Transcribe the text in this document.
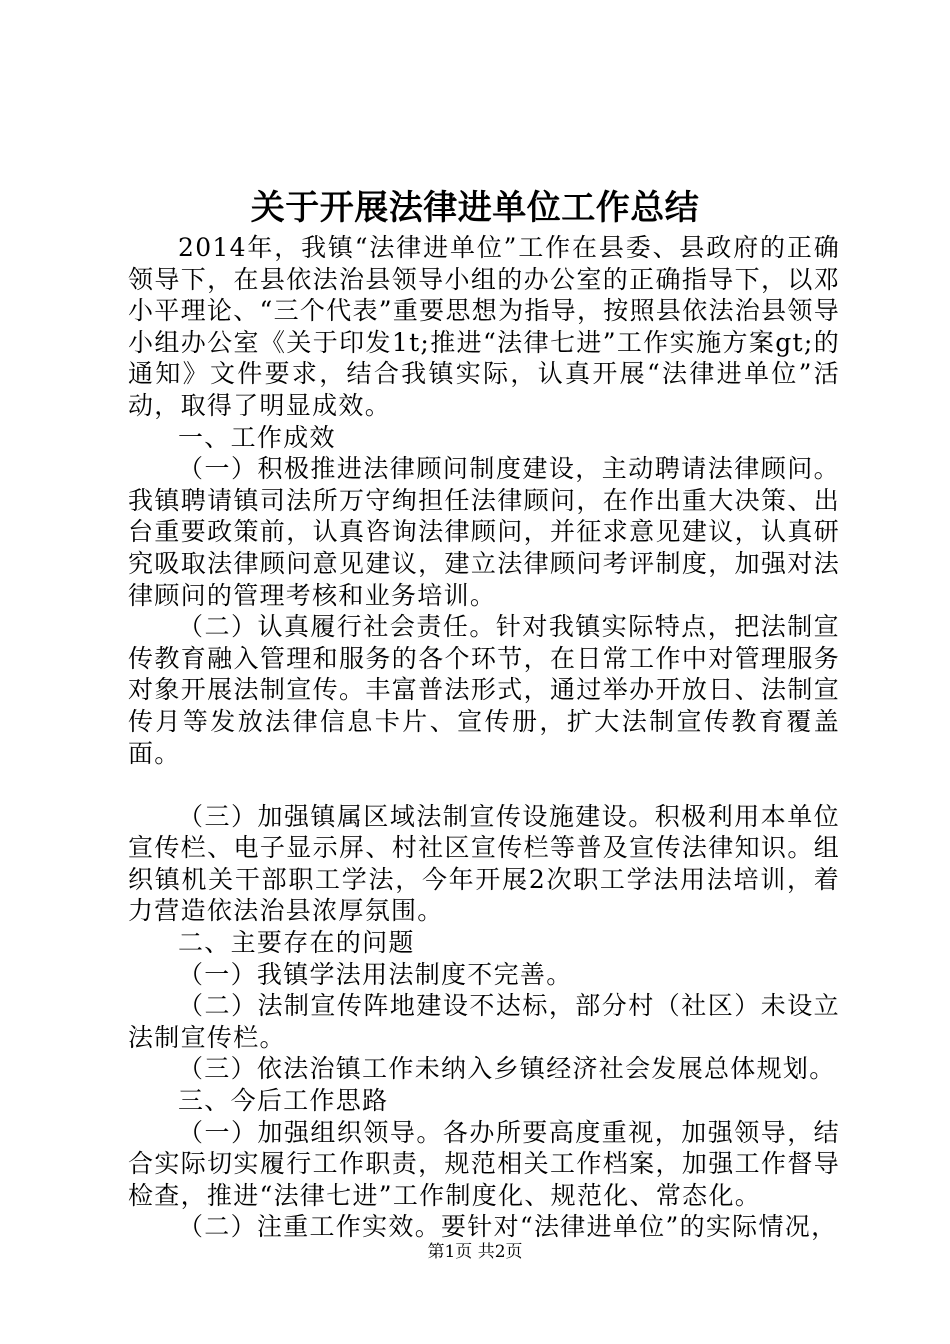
关于开展法律进单位工作总结

2014年，我镇“法律进单位”工作在县委、县政府的正确领导下，在县依法治县领导小组的办公室的正确指导下，以邓小平理论、“三个代表”重要思想为指导，按照县依法治县领导小组办公室《关于印发1t;推进“法律七进”工作实施方案gt;的通知》文件要求，结合我镇实际，认真开展“法律进单位”活动，取得了明显成效。

一、工作成效

（一）积极推进法律顾问制度建设，主动聘请法律顾问。我镇聘请镇司法所万守绚担任法律顾问，在作出重大决策、出台重要政策前，认真咨询法律顾问，并征求意见建议，认真研究吸取法律顾问意见建议，建立法律顾问考评制度，加强对法律顾问的管理考核和业务培训。

（二）认真履行社会责任。针对我镇实际特点，把法制宣传教育融入管理和服务的各个环节，在日常工作中对管理服务对象开展法制宣传。丰富普法形式，通过举办开放日、法制宣传月等发放法律信息卡片、宣传册，扩大法制宣传教育覆盖面。

（三）加强镇属区域法制宣传设施建设。积极利用本单位宣传栏、电子显示屏、村社区宣传栏等普及宣传法律知识。组织镇机关干部职工学法，今年开展2次职工学法用法培训，着力营造依法治县浓厚氛围。

二、主要存在的问题

（一）我镇学法用法制度不完善。

（二）法制宣传阵地建设不达标，部分村（社区）未设立法制宣传栏。

（三）依法治镇工作未纳入乡镇经济社会发展总体规划。

三、今后工作思路

（一）加强组织领导。各办所要高度重视，加强领导，结合实际切实履行工作职责，规范相关工作档案，加强工作督导检查，推进“法律七进”工作制度化、规范化、常态化。

（二）注重工作实效。要针对“法律进单位”的实际情况，

第1页 共2页
